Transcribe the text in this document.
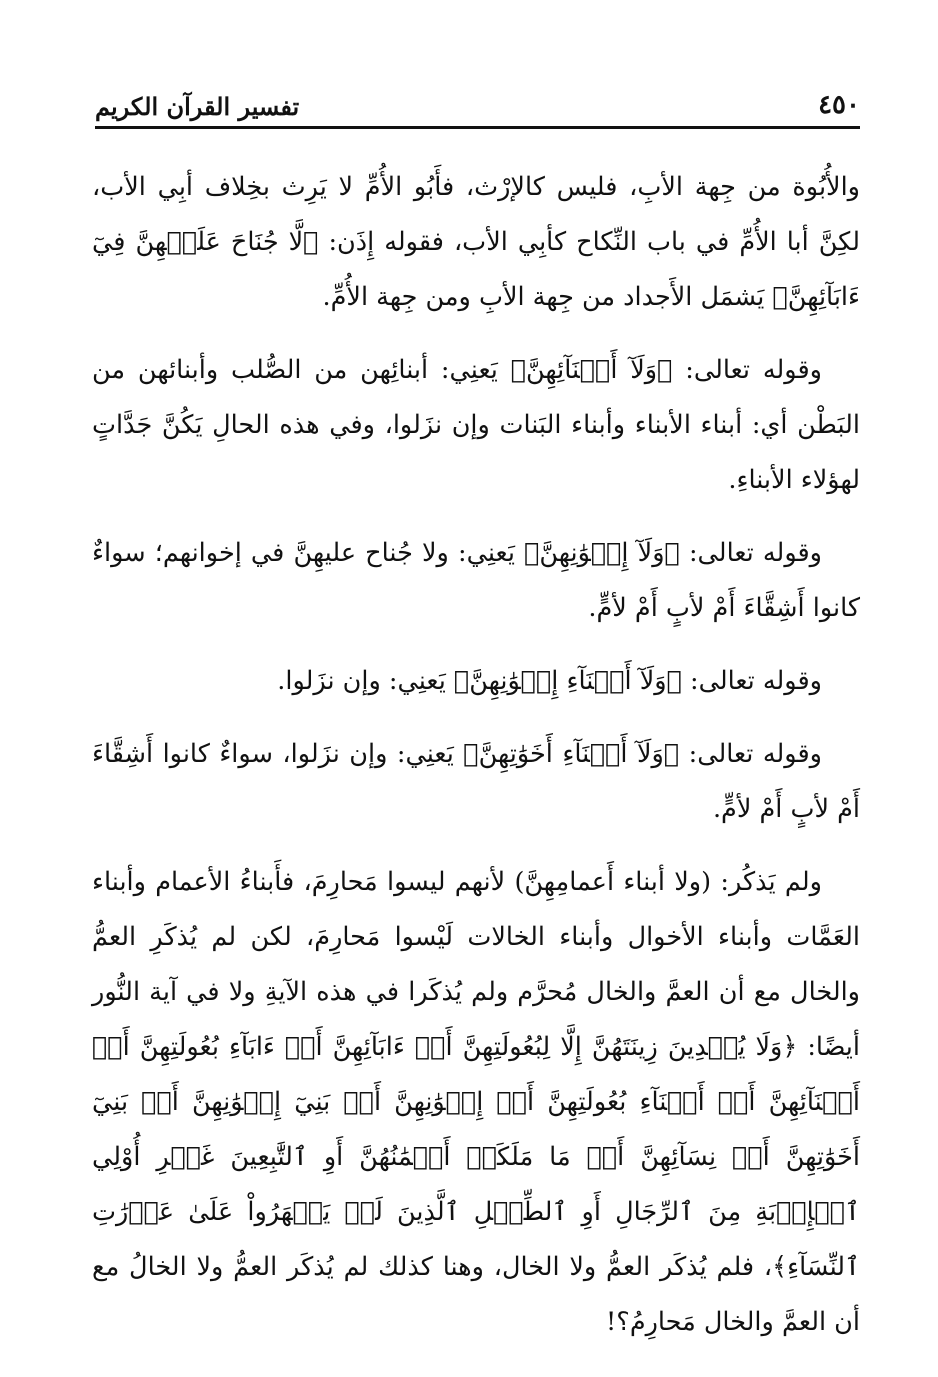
٤٥٠
تفسير القرآن الكريم

والأُبُوة من جِهة الأبِ، فليس كالإرْث، فأَبُو الأُمِّ لا يَرِث بخِلاف أبِي الأب، لكِنَّ أبا الأُمِّ في باب النِّكاح كأبِي الأب، فقوله إِذَن: ﴿لَّا جُنَاحَ عَلَيۡهِنَّ فِيٓ ءَابَآئِهِنَّ﴾ يَشمَل الأَجداد من جِهة الأبِ ومن جِهة الأُمِّ.

وقوله تعالى: ﴿وَلَآ أَبۡنَآئِهِنَّ﴾ يَعنِي: أبنائِهن من الصُّلب وأبنائهن من البَطْن أي: أبناء الأبناء وأبناء البَنات وإن نزَلوا، وفي هذه الحالِ يَكُنَّ جَدَّاتٍ لهؤلاء الأبناءِ.

وقوله تعالى: ﴿وَلَآ إِخۡوَٰنِهِنَّ﴾ يَعنِي: ولا جُناح عليهِنَّ في إخوانهم؛ سواءٌ كانوا أَشِقَّاءَ أَمْ لأبٍ أَمْ لأمٍّ.

وقوله تعالى: ﴿وَلَآ أَبۡنَآءِ إِخۡوَٰنِهِنَّ﴾ يَعنِي: وإن نزَلوا.

وقوله تعالى: ﴿وَلَآ أَبۡنَآءِ أَخَوَٰتِهِنَّ﴾ يَعنِي: وإن نزَلوا، سواءٌ كانوا أَشِقَّاءَ أَمْ لأبٍ أَمْ لأمٍّ.

ولم يَذكُر: (ولا أبناء أَعمامِهِنَّ) لأنهم ليسوا مَحارِمَ، فأَبناءُ الأعمام وأبناء العَمَّات وأبناء الأخوال وأبناء الخالات لَيْسوا مَحارِمَ، لكن لم يُذكَرِ العمُّ والخال مع أن العمَّ والخال مُحرَّم ولم يُذكَرا في هذه الآيةِ ولا في آية النُّور أيضًا: ﴿وَلَا يُبۡدِينَ زِينَتَهُنَّ إِلَّا لِبُعُولَتِهِنَّ أَوۡ ءَابَآئِهِنَّ أَوۡ ءَابَآءِ بُعُولَتِهِنَّ أَوۡ أَبۡنَآئِهِنَّ أَوۡ أَبۡنَآءِ بُعُولَتِهِنَّ أَوۡ إِخۡوَٰنِهِنَّ أَوۡ بَنِيٓ إِخۡوَٰنِهِنَّ أَوۡ بَنِيٓ أَخَوَٰتِهِنَّ أَوۡ نِسَآئِهِنَّ أَوۡ مَا مَلَكَتۡ أَيۡمَٰنُهُنَّ أَوِ ٱلتَّٰبِعِينَ غَيۡرِ أُوْلِي ٱلۡإِرۡبَةِ مِنَ ٱلرِّجَالِ أَوِ ٱلطِّفۡلِ ٱلَّذِينَ لَمۡ يَظۡهَرُواْ عَلَىٰ عَوۡرَٰتِ ٱلنِّسَآءِ﴾، فلم يُذكَر العمُّ ولا الخال، وهنا كذلك لم يُذكَر العمُّ ولا الخالُ مع أن العمَّ والخال مَحارِمُ؟!
